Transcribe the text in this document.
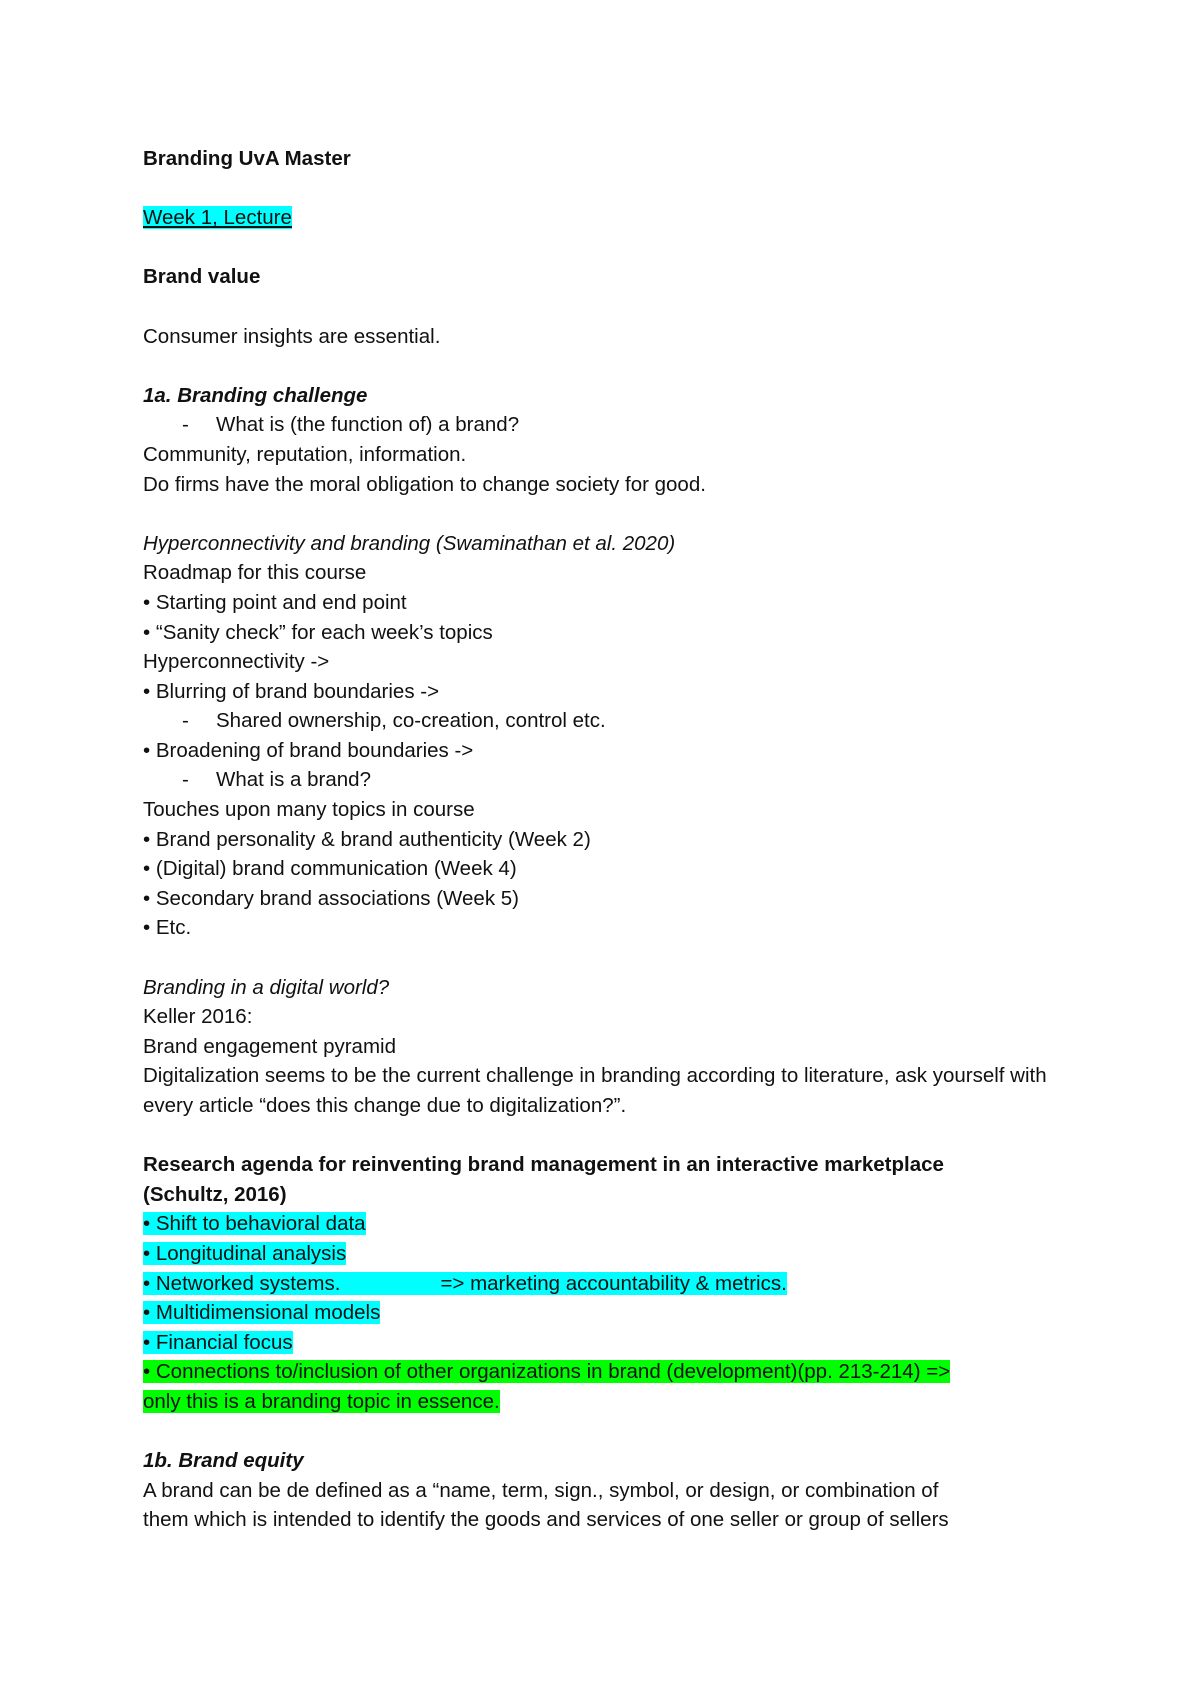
Branding UvA Master
Week 1, Lecture
Brand value
Consumer insights are essential.
1a. Branding challenge
- What is (the function of) a brand?
Community, reputation, information.
Do firms have the moral obligation to change society for good.
Hyperconnectivity and branding (Swaminathan et al. 2020)
Roadmap for this course
• Starting point and end point
• “Sanity check” for each week’s topics
Hyperconnectivity ->
• Blurring of brand boundaries ->
- Shared ownership, co-creation, control etc.
• Broadening of brand boundaries ->
- What is a brand?
Touches upon many topics in course
• Brand personality & brand authenticity (Week 2)
• (Digital) brand communication (Week 4)
• Secondary brand associations (Week 5)
• Etc.
Branding in a digital world?
Keller 2016:
Brand engagement pyramid
Digitalization seems to be the current challenge in branding according to literature, ask yourself with every article “does this change due to digitalization?”.
Research agenda for reinventing brand management in an interactive marketplace
(Schultz, 2016)
• Shift to behavioral data
• Longitudinal analysis
• Networked systems.	=> marketing accountability & metrics.
• Multidimensional models
• Financial focus
• Connections to/inclusion of other organizations in brand (development)(pp. 213-214) =>
only this is a branding topic in essence.
1b. Brand equity
A brand can be de defined as a “name, term, sign., symbol, or design, or combination of
them which is intended to identify the goods and services of one seller or group of sellers
